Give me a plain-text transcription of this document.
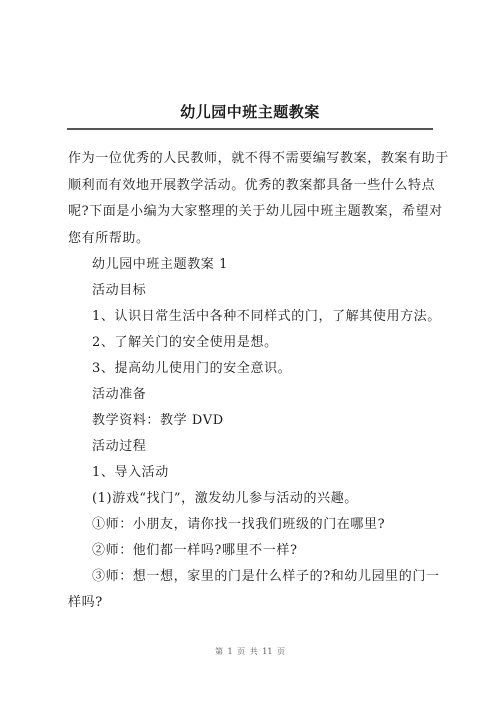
幼儿园中班主题教案
作为一位优秀的人民教师，就不得不需要编写教案，教案有助于
顺利而有效地开展教学活动。优秀的教案都具备一些什么特点
呢?下面是小编为大家整理的关于幼儿园中班主题教案，希望对
您有所帮助。
幼儿园中班主题教案 1
活动目标
1、认识日常生活中各种不同样式的门，了解其使用方法。
2、了解关门的安全使用是想。
3、提高幼儿使用门的安全意识。
活动准备
教学资料：教学 DVD
活动过程
1、导入活动
(1)游戏“找门”，激发幼儿参与活动的兴趣。
①师：小朋友，请你找一找我们班级的门在哪里?
②师：他们都一样吗?哪里不一样?
③师：想一想，家里的门是什么样子的?和幼儿园里的门一
样吗?
第 1 页 共 11 页
